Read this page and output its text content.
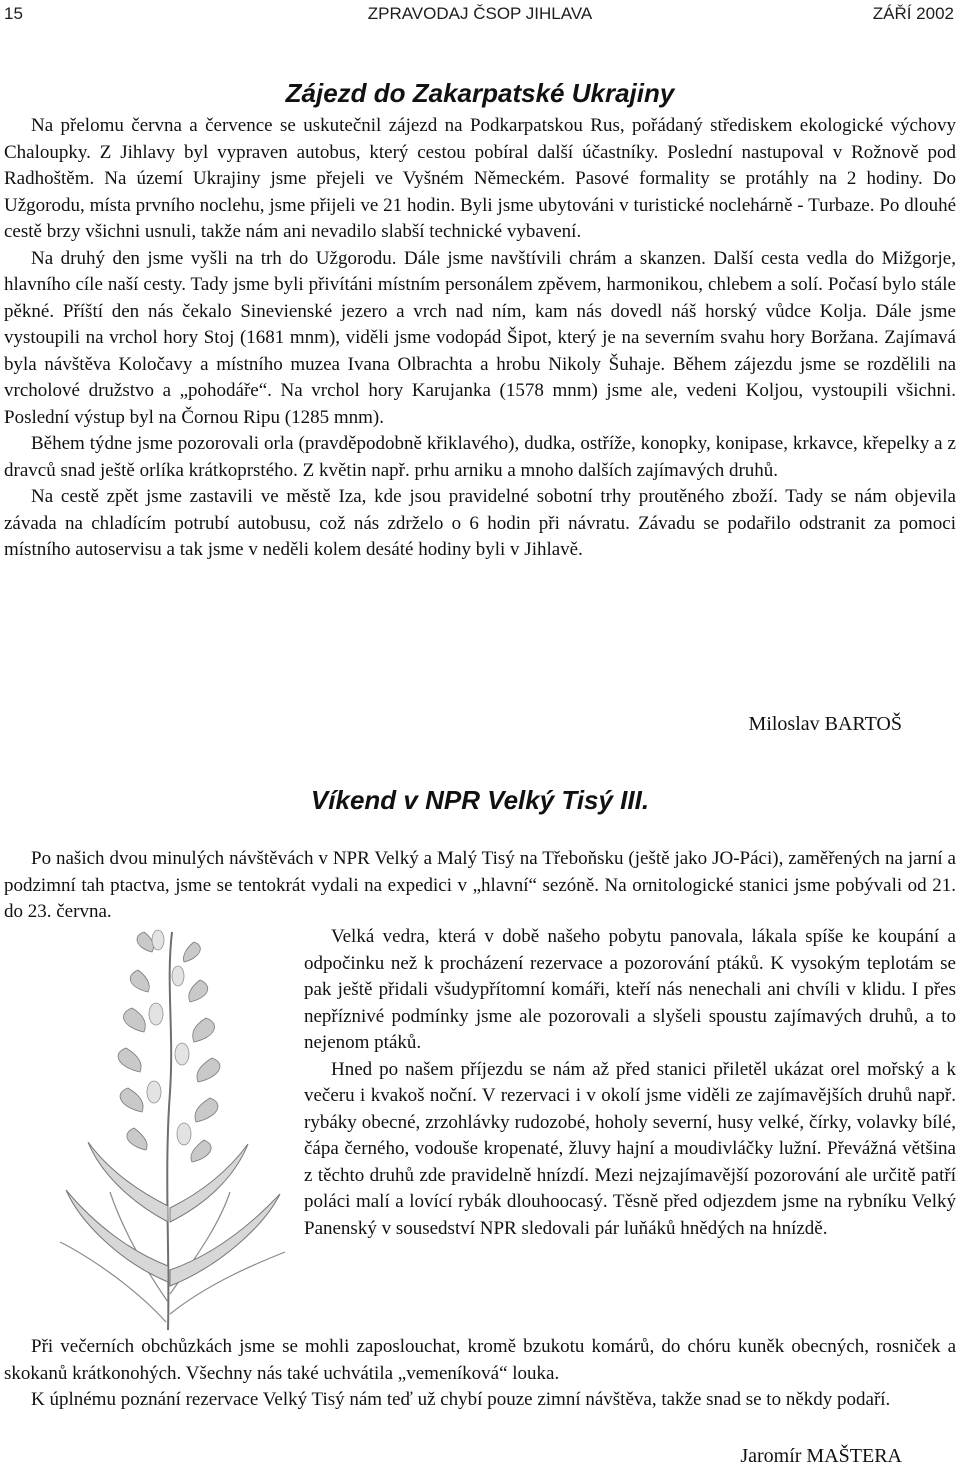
15	ZPRAVODAJ ČSOP JIHLAVA	ZÁŘÍ 2002
Zájezd do Zakarpatské Ukrajiny

Na přelomu června a července se uskutečnil zájezd na Podkarpatskou Rus, pořádaný střediskem ekologické výchovy Chaloupky. Z Jihlavy byl vypraven autobus, který cestou pobíral další účastníky. Poslední nastupoval v Rožnově pod Radhoštěm. Na území Ukrajiny jsme přejeli ve Vyšném Německém. Pasové formality se protáhly na 2 hodiny. Do Užgorodu, místa prvního noclehu, jsme přijeli ve 21 hodin. Byli jsme ubytováni v turistické noclehárně - Turbaze. Po dlouhé cestě brzy všichni usnuli, takže nám ani nevadilo slabší technické vybavení.

Na druhý den jsme vyšli na trh do Užgorodu. Dále jsme navštívili chrám a skanzen. Další cesta vedla do Mižgorje, hlavního cíle naší cesty. Tady jsme byli přivítáni místním personálem zpěvem, harmonikou, chlebem a solí. Počasí bylo stále pěkné. Příští den nás čekalo Sinevienské jezero a vrch nad ním, kam nás dovedl náš horský vůdce Kolja. Dále jsme vystoupili na vrchol hory Stoj (1681 mnm), viděli jsme vodopád Šipot, který je na severním svahu hory Boržana. Zajímavá byla návštěva Koločavy a místního muzea Ivana Olbrachta a hrobu Nikoly Šuhaje. Během zájezdu jsme se rozdělili na vrcholové družstvo a „pohodáře“. Na vrchol hory Karujanka (1578 mnm) jsme ale, vedeni Koljou, vystoupili všichni. Poslední výstup byl na Čornou Ripu (1285 mnm).

Během týdne jsme pozorovali orla (pravděpodobně křiklavého), dudka, ostříže, konopky, konipase, krkavce, křepelky a z dravců snad ještě orlíka krátkoprstého. Z květin např. prhu arniku a mnoho dalších zajímavých druhů.

Na cestě zpět jsme zastavili ve městě Iza, kde jsou pravidelné sobotní trhy proutěného zboží. Tady se nám objevila závada na chladícím potrubí autobusu, což nás zdrželo o 6 hodin při návratu. Závadu se podařilo odstranit za pomoci místního autoservisu a tak jsme v neděli kolem desáté hodiny byli v Jihlavě.

Miloslav BARTOŠ
Víkend v NPR Velký Tisý III.

Po našich dvou minulých návštěvách v NPR Velký a Malý Tisý na Třeboňsku (ještě jako JO-Páci), zaměřených na jarní a podzimní tah ptactva, jsme se tentokrát vydali na expedici v „hlavní“ sezóně. Na ornitologické stanici jsme pobývali od 21. do 23. června.

Velká vedra, která v době našeho pobytu panovala, lákala spíše ke koupání a odpočinku než k procházení rezervace a pozorování ptáků. K vysokým teplotám se pak ještě přidali všudypřítomní komáři, kteří nás nenechali ani chvíli v klidu. I přes nepříznivé podmínky jsme ale pozorovali a slyšeli spoustu zajímavých druhů, a to nejenom ptáků.

Hned po našem příjezdu se nám až před stanici přiletěl ukázat orel mořský a k večeru i kvakoš noční. V rezervaci i v okolí jsme viděli ze zajímavějších druhů např. rybáky obecné, zrzohlávky rudozobé, hoholy severní, husy velké, čírky, volavky bílé, čápa černého, vodouše kropenaté, žluvy hajní a moudivláčky lužní. Převážná většina z těchto druhů zde pravidelně hnízdí. Mezi nejzajímavější pozorování ale určitě patří poláci malí a lovící rybák dlouhoocasý. Těsně před odjezdem jsme na rybníku Velký Panenský v sousedství NPR sledovali pár luňáků hnědých na hnízdě.

Při večerních obchůzkách jsme se mohli zaposlouchat, kromě bzukotu komárů, do chóru kuněk obecných, rosniček a skokanů krátkonohých. Všechny nás také uchvátila „vemeníková“ louka.

K úplnému poznání rezervace Velký Tisý nám teď už chybí pouze zimní návštěva, takže snad se to někdy podaří.

Jaromír MAŠTERA
